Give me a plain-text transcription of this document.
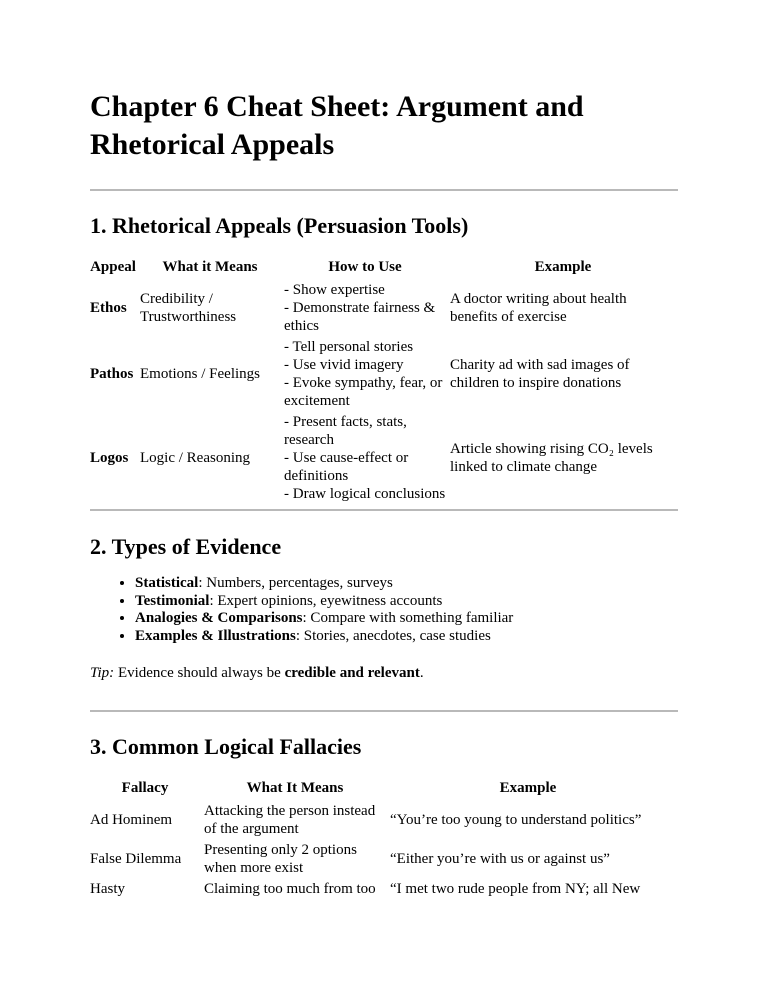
Chapter 6 Cheat Sheet: Argument and Rhetorical Appeals
1. Rhetorical Appeals (Persuasion Tools)
Appeal	What it Means	How to Use	Example
Ethos	Credibility / Trustworthiness	- Show expertise
- Demonstrate fairness & ethics	A doctor writing about health benefits of exercise
Pathos	Emotions / Feelings	- Tell personal stories
- Use vivid imagery
- Evoke sympathy, fear, or excitement	Charity ad with sad images of children to inspire donations
Logos	Logic / Reasoning	- Present facts, stats, research
- Use cause-effect or definitions
- Draw logical conclusions	Article showing rising CO₂ levels linked to climate change
2. Types of Evidence
• Statistical: Numbers, percentages, surveys
• Testimonial: Expert opinions, eyewitness accounts
• Analogies & Comparisons: Compare with something familiar
• Examples & Illustrations: Stories, anecdotes, case studies

Tip: Evidence should always be credible and relevant.

3. Common Logical Fallacies
Fallacy	What It Means	Example
Ad Hominem	Attacking the person instead of the argument	“You’re too young to understand politics”
False Dilemma	Presenting only 2 options when more exist	“Either you’re with us or against us”
Hasty	Claiming too much from too	“I met two rude people from NY; all New
